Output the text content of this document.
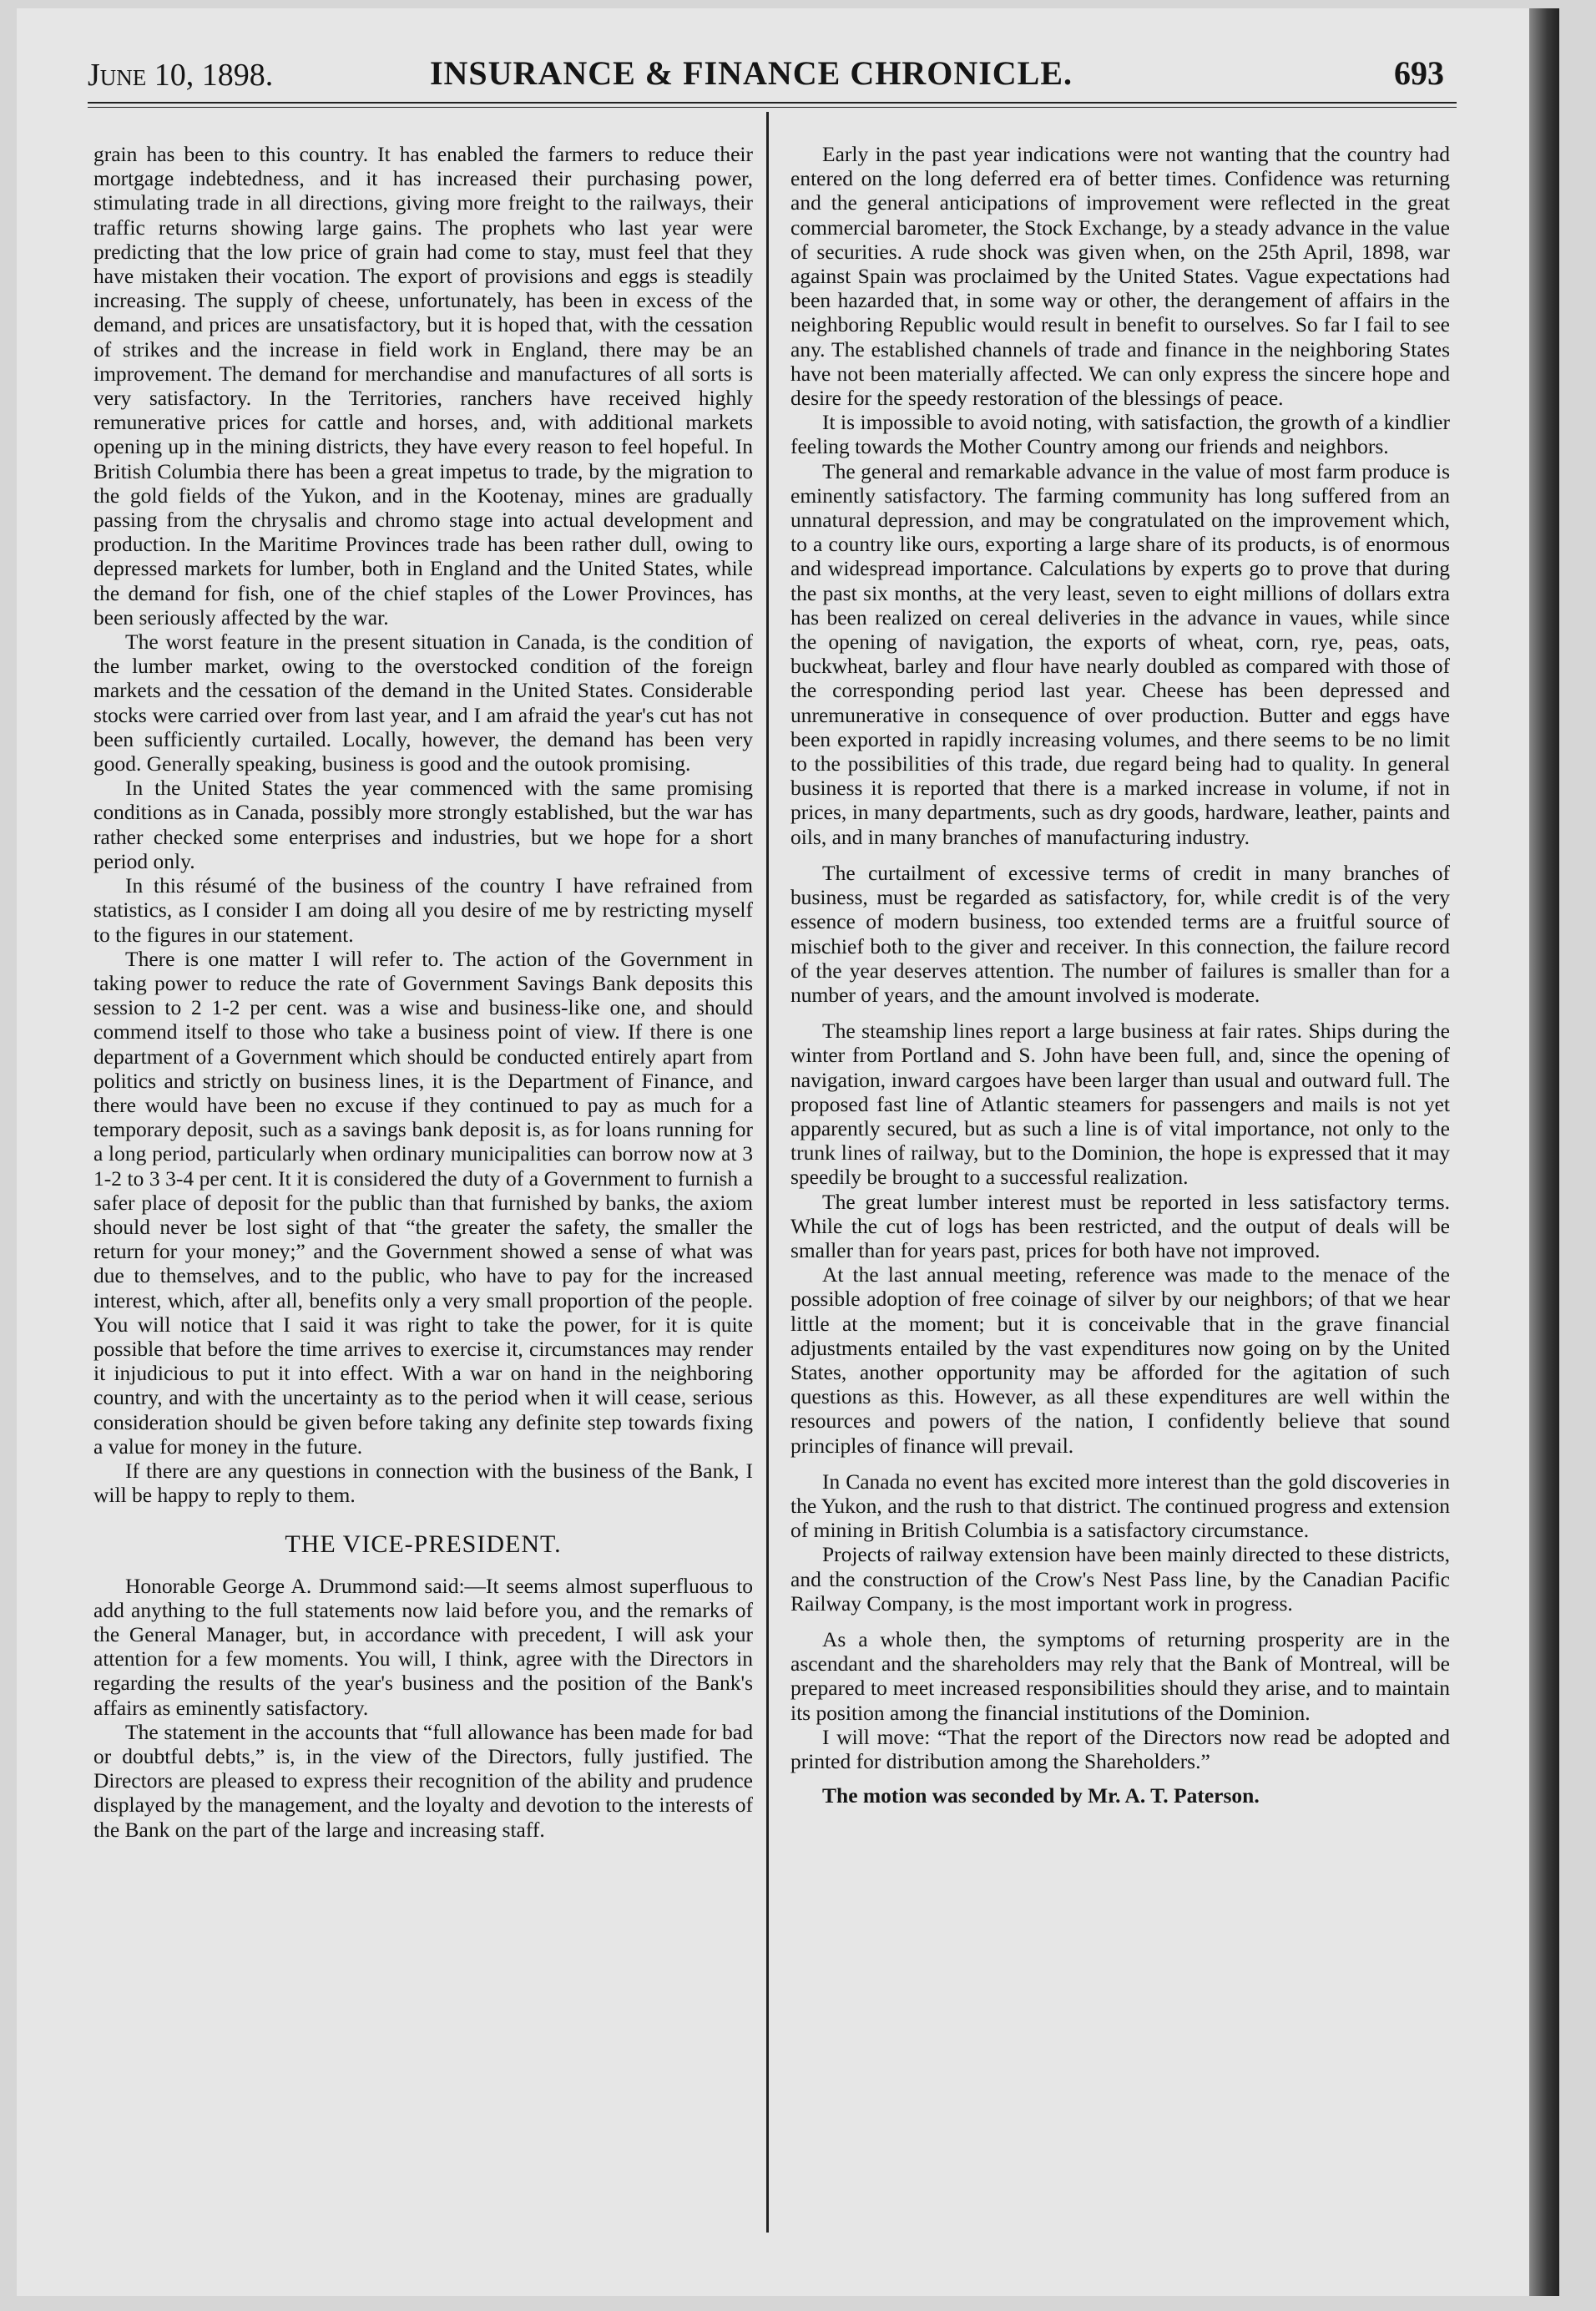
June 10, 1898.	INSURANCE & FINANCE CHRONICLE.	693

grain has been to this country. It has enabled the farmers to reduce their mortgage indebtedness, and it has increased their purchasing power, stimulating trade in all directions, giving more freight to the railways, their traffic returns showing large gains. The prophets who last year were predicting that the low price of grain had come to stay, must feel that they have mistaken their vocation. The export of provisions and eggs is steadily increasing. The supply of cheese, unfortunately, has been in excess of the demand, and prices are unsatisfactory, but it is hoped that, with the cessation of strikes and the increase in field work in England, there may be an improvement. The demand for merchandise and manufactures of all sorts is very satisfactory. In the Territories, ranchers have received highly remunerative prices for cattle and horses, and, with additional markets opening up in the mining districts, they have every reason to feel hopeful. In British Columbia there has been a great impetus to trade, by the migration to the gold fields of the Yukon, and in the Kootenay, mines are gradually passing from the chrysalis and chromo stage into actual development and production. In the Maritime Provinces trade has been rather dull, owing to depressed markets for lumber, both in England and the United States, while the demand for fish, one of the chief staples of the Lower Provinces, has been seriously affected by the war.

The worst feature in the present situation in Canada, is the condition of the lumber market, owing to the overstocked condition of the foreign markets and the cessation of the demand in the United States. Considerable stocks were carried over from last year, and I am afraid the year's cut has not been sufficiently curtailed. Locally, however, the demand has been very good. Generally speaking, business is good and the outook promising.

In the United States the year commenced with the same promising conditions as in Canada, possibly more strongly established, but the war has rather checked some enterprises and industries, but we hope for a short period only.

In this résumé of the business of the country I have refrained from statistics, as I consider I am doing all you desire of me by restricting myself to the figures in our statement.

There is one matter I will refer to. The action of the Government in taking power to reduce the rate of Government Savings Bank deposits this session to 2 1-2 per cent. was a wise and business-like one, and should commend itself to those who take a business point of view. If there is one department of a Government which should be conducted entirely apart from politics and strictly on business lines, it is the Department of Finance, and there would have been no excuse if they continued to pay as much for a temporary deposit, such as a savings bank deposit is, as for loans running for a long period, particularly when ordinary municipalities can borrow now at 3 1-2 to 3 3-4 per cent. It it is considered the duty of a Government to furnish a safer place of deposit for the public than that furnished by banks, the axiom should never be lost sight of that “the greater the safety, the smaller the return for your money;” and the Government showed a sense of what was due to themselves, and to the public, who have to pay for the increased interest, which, after all, benefits only a very small proportion of the people. You will notice that I said it was right to take the power, for it is quite possible that before the time arrives to exercise it, circumstances may render it injudicious to put it into effect. With a war on hand in the neighboring country, and with the uncertainty as to the period when it will cease, serious consideration should be given before taking any definite step towards fixing a value for money in the future.

If there are any questions in connection with the business of the Bank, I will be happy to reply to them.

THE VICE-PRESIDENT.

Honorable George A. Drummond said:—It seems almost superfluous to add anything to the full statements now laid before you, and the remarks of the General Manager, but, in accordance with precedent, I will ask your attention for a few moments. You will, I think, agree with the Directors in regarding the results of the year's business and the position of the Bank's affairs as eminently satisfactory.

The statement in the accounts that “full allowance has been made for bad or doubtful debts,” is, in the view of the Directors, fully justified. The Directors are pleased to express their recognition of the ability and prudence displayed by the management, and the loyalty and devotion to the interests of the Bank on the part of the large and increasing staff.

Early in the past year indications were not wanting that the country had entered on the long deferred era of better times. Confidence was returning and the general anticipations of improvement were reflected in the great commercial barometer, the Stock Exchange, by a steady advance in the value of securities. A rude shock was given when, on the 25th April, 1898, war against Spain was proclaimed by the United States. Vague expectations had been hazarded that, in some way or other, the derangement of affairs in the neighboring Republic would result in benefit to ourselves. So far I fail to see any. The established channels of trade and finance in the neighboring States have not been materially affected. We can only express the sincere hope and desire for the speedy restoration of the blessings of peace.

It is impossible to avoid noting, with satisfaction, the growth of a kindlier feeling towards the Mother Country among our friends and neighbors.

The general and remarkable advance in the value of most farm produce is eminently satisfactory. The farming community has long suffered from an unnatural depression, and may be congratulated on the improvement which, to a country like ours, exporting a large share of its products, is of enormous and widespread importance. Calculations by experts go to prove that during the past six months, at the very least, seven to eight millions of dollars extra has been realized on cereal deliveries in the advance in vaues, while since the opening of navigation, the exports of wheat, corn, rye, peas, oats, buckwheat, barley and flour have nearly doubled as compared with those of the corresponding period last year. Cheese has been depressed and unremunerative in consequence of over production. Butter and eggs have been exported in rapidly increasing volumes, and there seems to be no limit to the possibilities of this trade, due regard being had to quality. In general business it is reported that there is a marked increase in volume, if not in prices, in many departments, such as dry goods, hardware, leather, paints and oils, and in many branches of manufacturing industry.

The curtailment of excessive terms of credit in many branches of business, must be regarded as satisfactory, for, while credit is of the very essence of modern business, too extended terms are a fruitful source of mischief both to the giver and receiver. In this connection, the failure record of the year deserves attention. The number of failures is smaller than for a number of years, and the amount involved is moderate.

The steamship lines report a large business at fair rates. Ships during the winter from Portland and S. John have been full, and, since the opening of navigation, inward cargoes have been larger than usual and outward full. The proposed fast line of Atlantic steamers for passengers and mails is not yet apparently secured, but as such a line is of vital importance, not only to the trunk lines of railway, but to the Dominion, the hope is expressed that it may speedily be brought to a successful realization.

The great lumber interest must be reported in less satisfactory terms. While the cut of logs has been restricted, and the output of deals will be smaller than for years past, prices for both have not improved.

At the last annual meeting, reference was made to the menace of the possible adoption of free coinage of silver by our neighbors; of that we hear little at the moment; but it is conceivable that in the grave financial adjustments entailed by the vast expenditures now going on by the United States, another opportunity may be afforded for the agitation of such questions as this. However, as all these expenditures are well within the resources and powers of the nation, I confidently believe that sound principles of finance will prevail.

In Canada no event has excited more interest than the gold discoveries in the Yukon, and the rush to that district. The continued progress and extension of mining in British Columbia is a satisfactory circumstance.

Projects of railway extension have been mainly directed to these districts, and the construction of the Crow's Nest Pass line, by the Canadian Pacific Railway Company, is the most important work in progress.

As a whole then, the symptoms of returning prosperity are in the ascendant and the shareholders may rely that the Bank of Montreal, will be prepared to meet increased responsibilities should they arise, and to maintain its position among the financial institutions of the Dominion.

I will move: “That the report of the Directors now read be adopted and printed for distribution among the Shareholders.”

The motion was seconded by Mr. A. T. Paterson.
